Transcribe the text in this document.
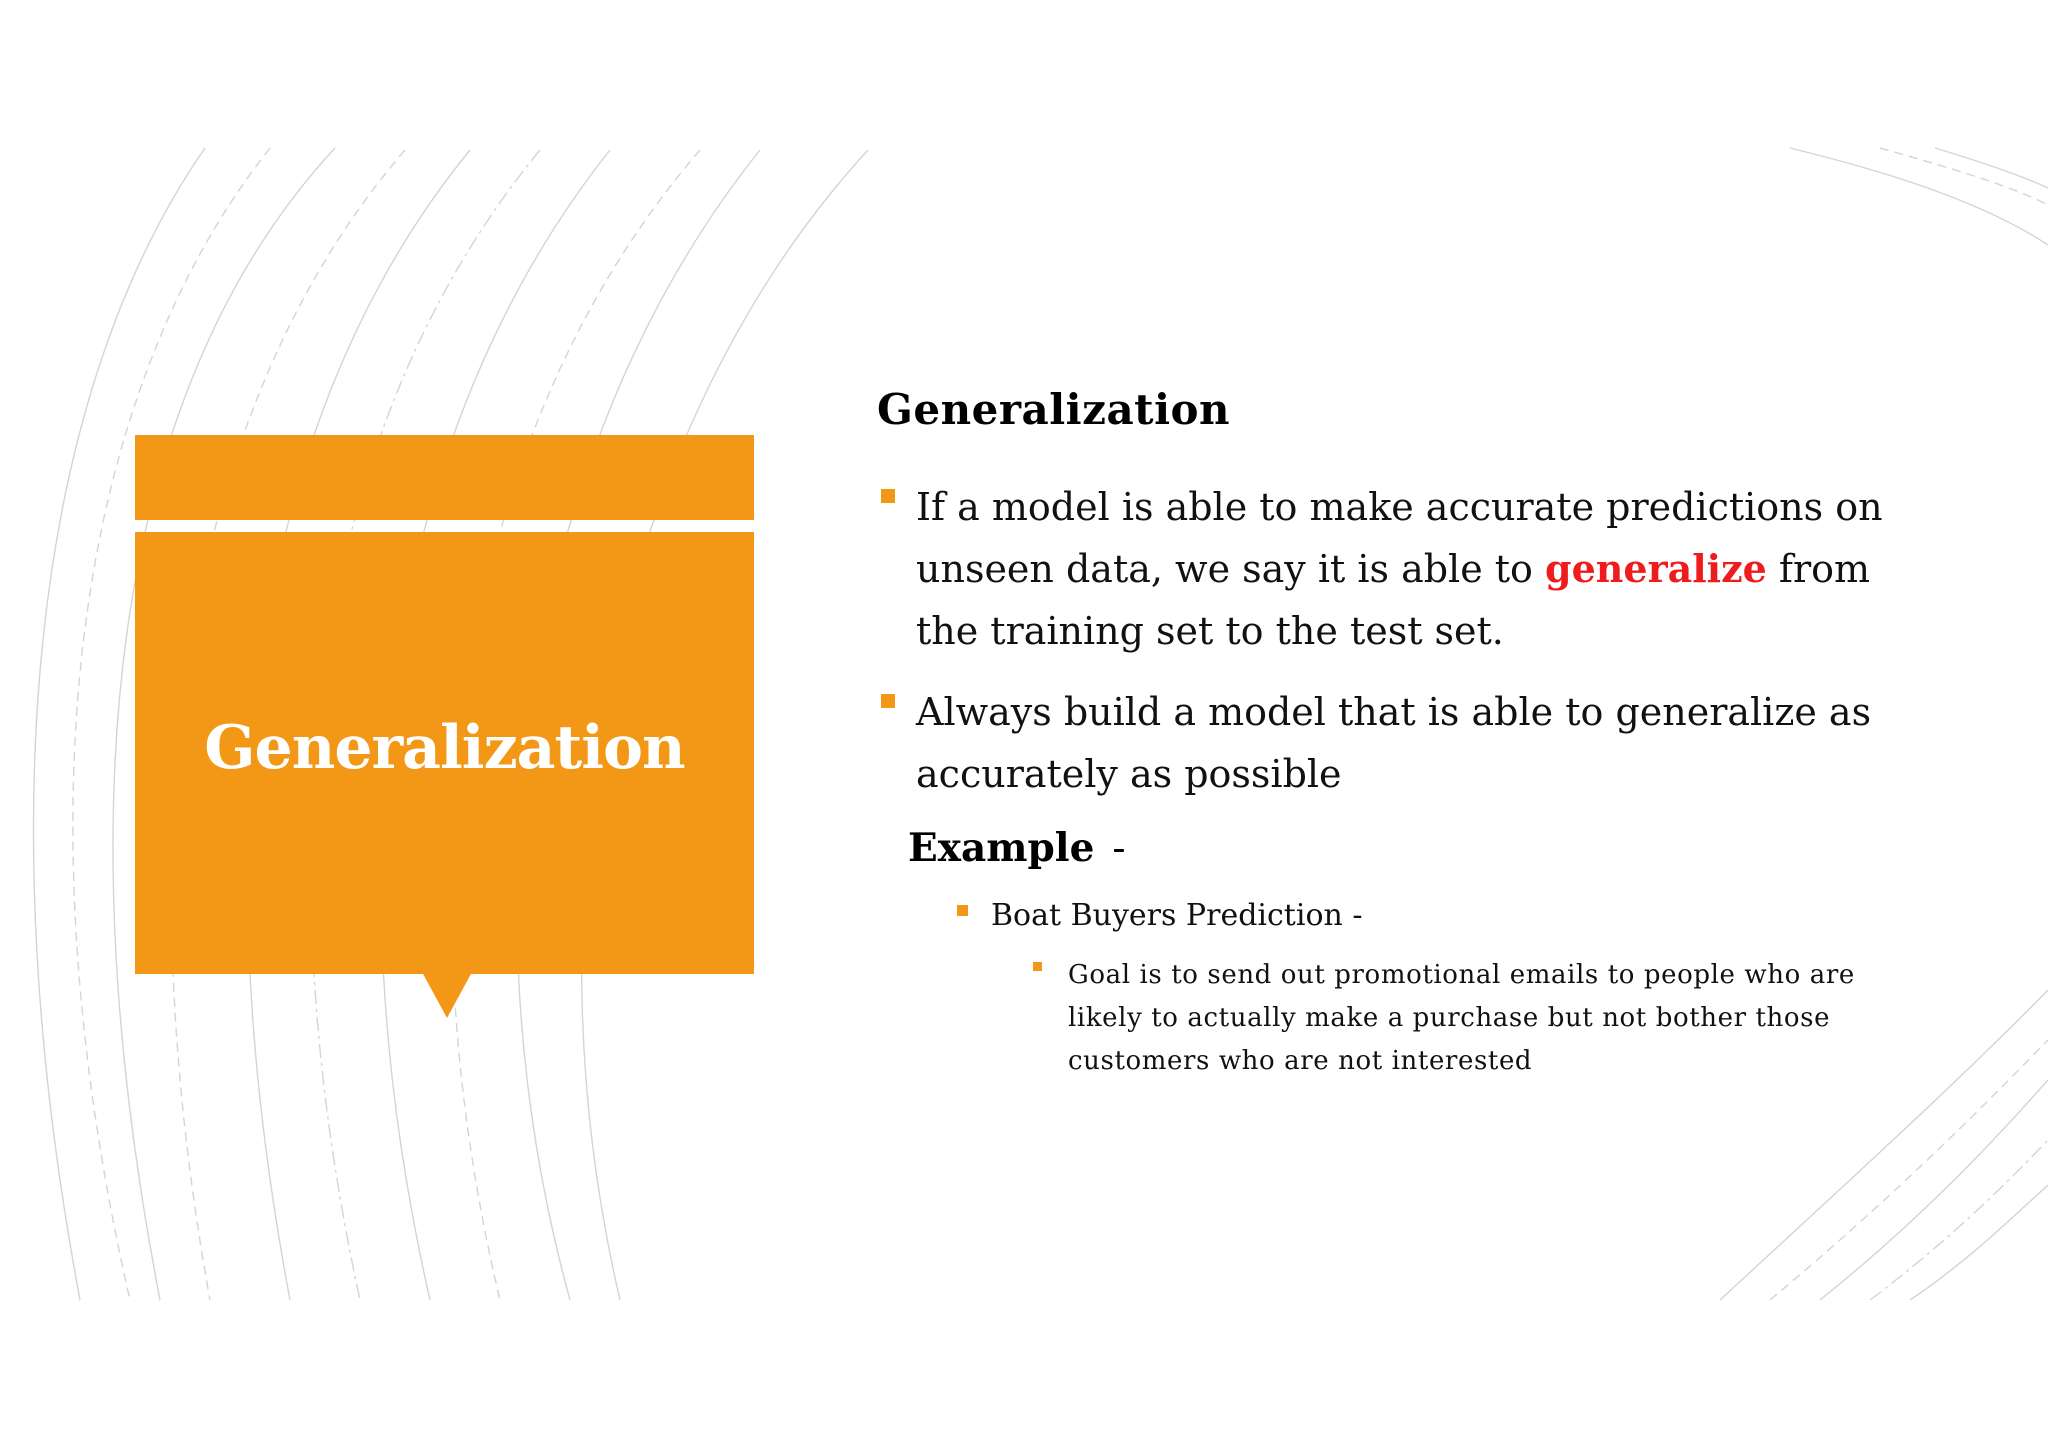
Generalization
Generalization
If a model is able to make accurate predictions on unseen data, we say it is able to generalize from the training set to the test set.
Always build a model that is able to generalize as accurately as possible
Example -
Boat Buyers Prediction -
Goal is to send out promotional emails to people who are likely to actually make a purchase but not bother those customers who are not interested
